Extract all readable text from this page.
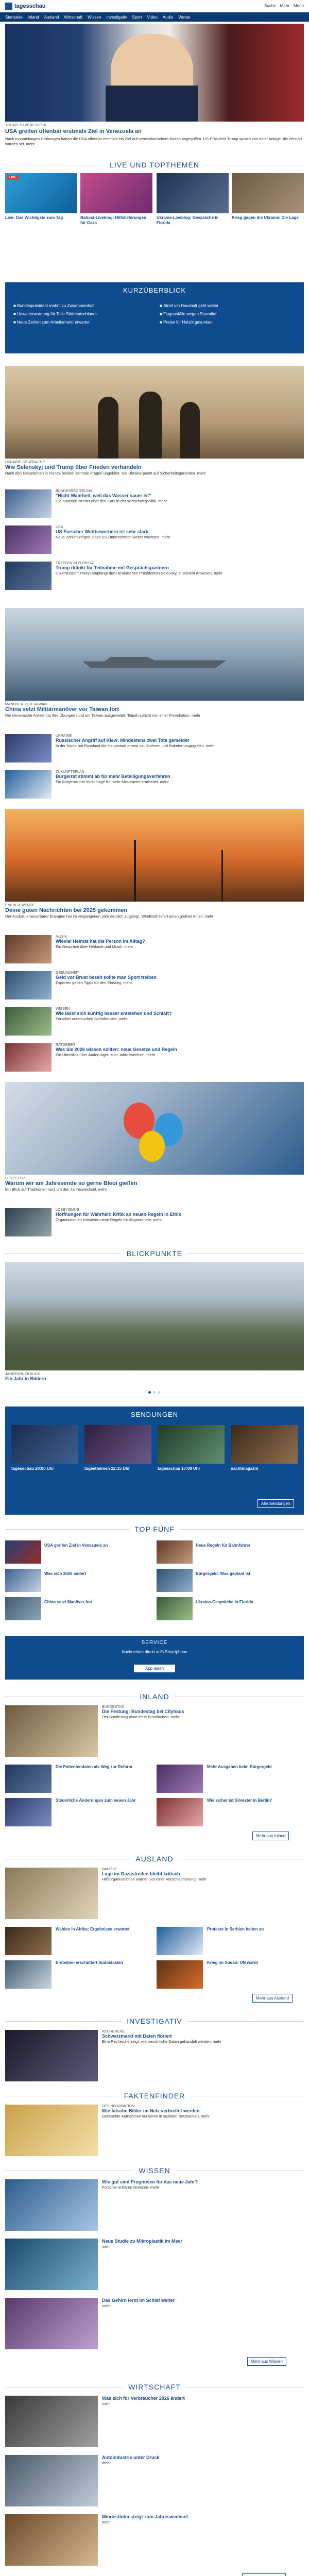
tagesschau	Suche Mehr Menü
Startseite Inland Ausland Wirtschaft Wissen Investigativ Sport Video Audio Wetter
TRUMP ZU VENEZUELA
USA greifen offenbar erstmals Ziel in Venezuela an
Nach monatelangen Drohungen haben die USA offenbar erstmals ein Ziel auf venezolanischem Boden angegriffen. US-Präsident Trump sprach von einer Anlage, die zerstört worden sei. mehr
LIVE UND TOPTHEMEN
LIVE
Live: Das Wichtigste zum Tag	Nahost-Liveblog: Hilfslieferungen für Gaza
Ukraine-Liveblog: Gespräche in Florida
Krieg gegen die Ukraine: Die Lage
KURZÜBERBLICK
■ Bundespräsident mahnt zu Zusammenhalt
■ Unwetterwarnung für Teile Süddeutschlands
■ Neue Zahlen zum Arbeitsmarkt erwartet
■ Streit um Haushalt geht weiter
■ Flugausfälle wegen Sturmtief
■ Preise für Heizöl gesunken
UKRAINE-GESPRÄCHE
Wie Selenskyj und Trump über Frieden verhandeln
Nach den Gesprächen in Florida bleiben zentrale Fragen ungeklärt. Die Ukraine pocht auf Sicherheitsgarantien. mehr
BUNDESREGIERUNG
"Nicht Wahrheit, weil das Wasser sauer ist"
Die Koalition streitet über den Kurs in der Wirtschaftspolitik. mehr
USA
US-Forscher Wettbewerbern ist sehr stark
Neue Zahlen zeigen, dass US-Unternehmen weiter wachsen. mehr
TREFFEN IN FLORIDA
Trump dränkt für Teilnahme mit Gesprächspartnern
US-Präsident Trump empfängt den ukrainischen Präsidenten Selenskyj in seinem Anwesen. mehr
MANÖVER VOR TAIWAN
China setzt Militärmanöver vor Taiwan fort
Die chinesische Armee hat ihre Übungen rund um Taiwan ausgeweitet. Taipeh spricht von einer Provokation. mehr
UKRAINE
Russischer Angriff auf Kiew: Mindestens zwei Tote gemeldet
In der Nacht hat Russland die Hauptstadt erneut mit Drohnen und Raketen angegriffen. mehr
ZUKUNFTSPLAN
Bürgerrat stimmt ab für mehr Beteiligungsverfahren
Ein Bürgerrat hat Vorschläge für mehr Mitsprache erarbeitet. mehr
ENERGIEWENDE
Deine guten Nachrichten bei 2025 gekommen
Der Ausbau erneuerbarer Energien hat im vergangenen Jahr deutlich zugelegt. Windkraft liefert einen großen Anteil. mehr
MUSIK
Wieviel Heimat hat die Person im Alltag?
Ein Gespräch über Herkunft und Musik. mehr
GESUNDHEIT
Geld vor Brust bezeit sollte man Sport treiben
Experten geben Tipps für den Einstieg. mehr
WISSEN
Wie lässt sich künftig besser entstehen und Schlaft?
Forscher untersuchen Schlafmuster. mehr
RATGEBER
Was Sie 2026 wissen sollten: neue Gesetze und Regeln
Ein Überblick über Änderungen zum Jahreswechsel. mehr
SILVESTER
Warum wir am Jahresende so gerne Bleoi gießen
Ein Blick auf Traditionen rund um den Jahreswechsel. mehr
LOBBYISMUS
Hoffnungen für Wahrheit: Kritik an neuen Regeln in Ethik
Organisationen kritisieren neue Regeln für Abgeordnete. mehr
BLICKPUNKTE
JAHRESRÜCKBLICK
Ein Jahr in Bildern
SENDUNGEN
tagesschau 20:00 Uhr	tagesthemen 22:15 Uhr	tagesschau 17:00 Uhr	nachtmagazin
Alle Sendungen
TOP FÜNF
USA greifen Ziel in Venezuela an
Was sich 2026 ändert
China setzt Manöver fort
Neue Regeln für Bahnfahrer
Bürgergeld: Was geplant ist
Ukraine-Gespräche in Florida
SERVICE
Nachrichten direkt aufs Smartphone
App laden
INLAND
BUNDESTAG
Die Festung: Bundestag bei Cityhaus
Der Bundestag plant neue Büroflächen. mehr
Die Patientendaten als Weg zur Reform	Mehr Ausgaben beim Bürgergeld
Steuerliche Änderungen zum neuen Jahr	Wie sicher ist Silvester in Berlin?
Mehr aus Inland
AUSLAND
NAHOST
Lage im Gazastreifen bleibt kritisch
Hilfsorganisationen warnen vor einer Verschlechterung. mehr
Wahlen in Afrika: Ergebnisse erwartet	Proteste in Serbien halten an
Erdbeben erschüttert Südostasien	Krieg im Sudan: UN warnt
Mehr aus Ausland
INVESTIGATIV
RECHERCHE
Schwarzmarkt mit Daten floriert
Eine Recherche zeigt, wie persönliche Daten gehandelt werden. mehr
FAKTENFINDER
DESINFORMATION
Wie falsche Bilder im Netz verbreitet werden
Gefälschte Aufnahmen kursieren in sozialen Netzwerken. mehr
WISSEN
Wie gut sind Prognosen für das neue Jahr?
Forscher erklären Grenzen. mehr
Neue Studie zu Mikroplastik im Meer
mehr
Das Gehirn lernt im Schlaf weiter
mehr
Mehr aus Wissen
WIRTSCHAFT
Was sich für Verbraucher 2026 ändert
mehr
Autoindustrie unter Druck
mehr
Mindestlohn steigt zum Jahreswechsel
mehr
